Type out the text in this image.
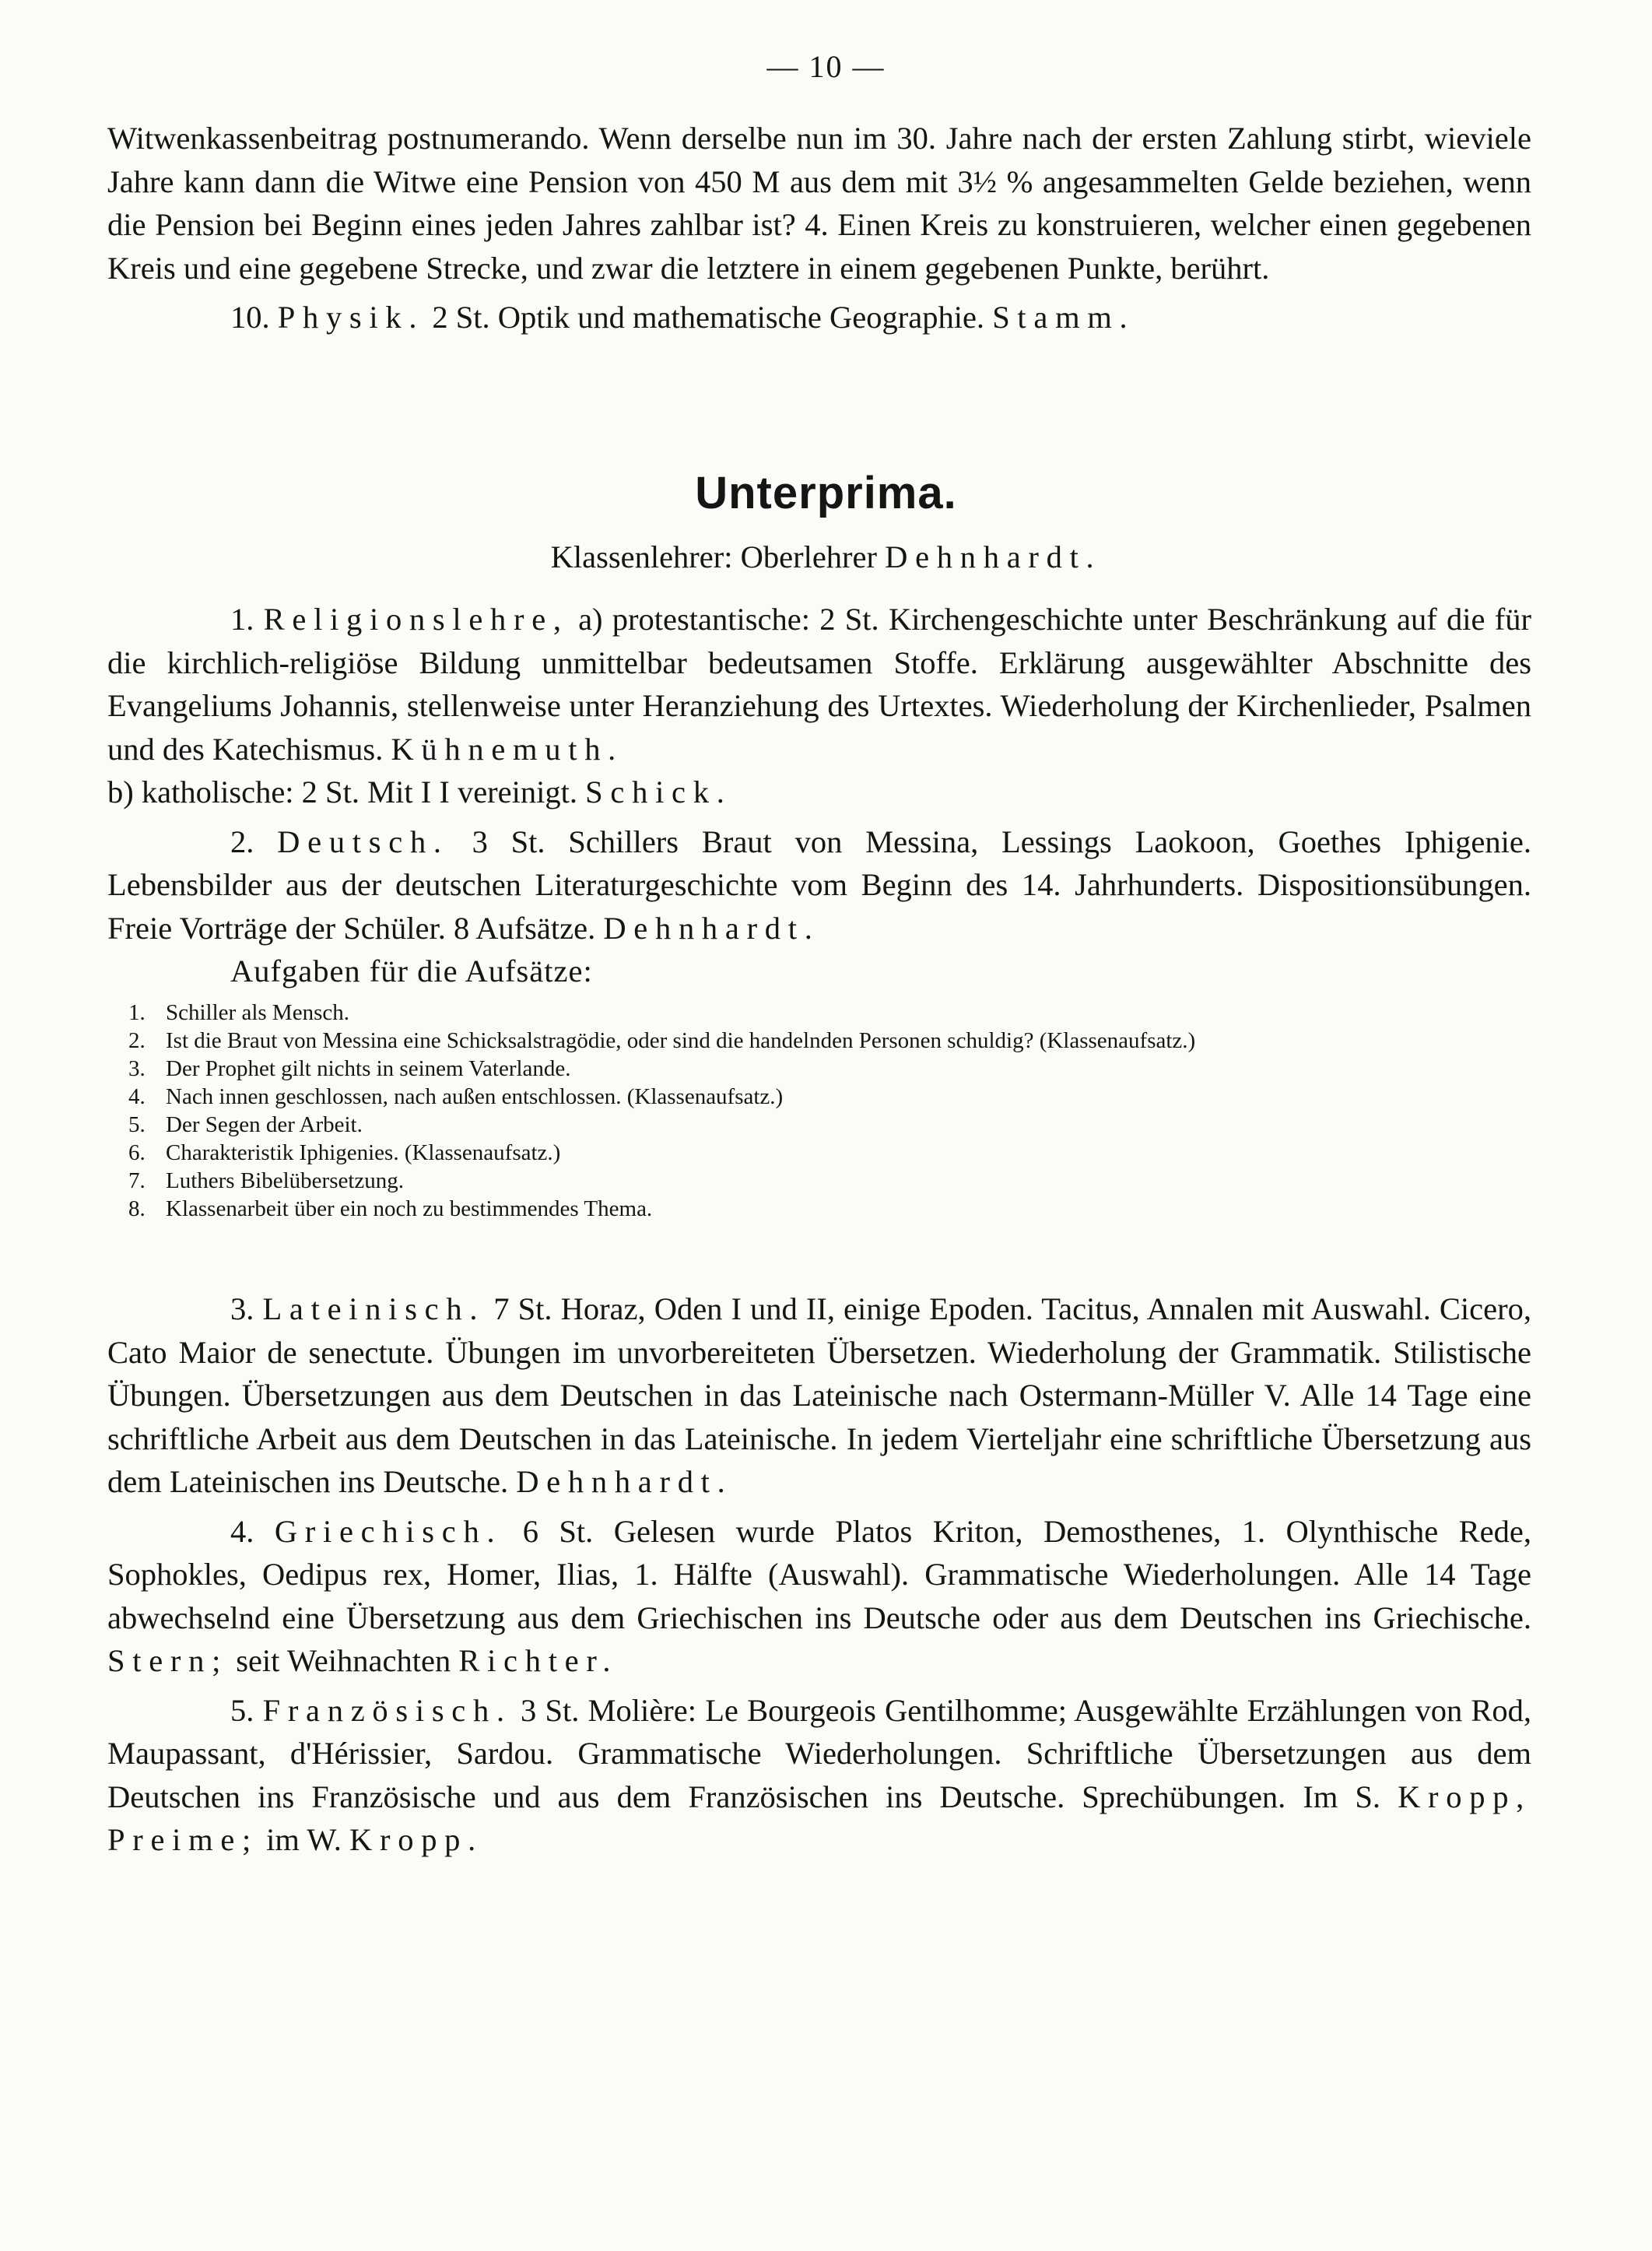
— 10 —

Witwenkassenbeitrag postnumerando. Wenn derselbe nun im 30. Jahre nach der ersten Zahlung stirbt, wieviele Jahre kann dann die Witwe eine Pension von 450 M aus dem mit 3½ % angesammelten Gelde beziehen, wenn die Pension bei Beginn eines jeden Jahres zahlbar ist? 4. Einen Kreis zu konstruieren, welcher einen gegebenen Kreis und eine gegebene Strecke, und zwar die letztere in einem gegebenen Punkte, berührt.

10. Physik. 2 St. Optik und mathematische Geographie. Stamm.

Unterprima.
Klassenlehrer: Oberlehrer Dehnhardt.

1. Religionslehre, a) protestantische: 2 St. Kirchengeschichte unter Beschränkung auf die für die kirchlich-religiöse Bildung unmittelbar bedeutsamen Stoffe. Erklärung ausgewählter Abschnitte des Evangeliums Johannis, stellenweise unter Heranziehung des Urtextes. Wiederholung der Kirchenlieder, Psalmen und des Katechismus. Kühnemuth.
b) katholische: 2 St. Mit I I vereinigt. Schick.

2. Deutsch. 3 St. Schillers Braut von Messina, Lessings Laokoon, Goethes Iphigenie. Lebensbilder aus der deutschen Literaturgeschichte vom Beginn des 14. Jahrhunderts. Dispositionsübungen. Freie Vorträge der Schüler. 8 Aufsätze. Dehnhardt.

Aufgaben für die Aufsätze:

1. Schiller als Mensch.
2. Ist die Braut von Messina eine Schicksalstragödie, oder sind die handelnden Personen schuldig? (Klassenaufsatz.)
3. Der Prophet gilt nichts in seinem Vaterlande.
4. Nach innen geschlossen, nach außen entschlossen. (Klassenaufsatz.)
5. Der Segen der Arbeit.
6. Charakteristik Iphigenies. (Klassenaufsatz.)
7. Luthers Bibelübersetzung.
8. Klassenarbeit über ein noch zu bestimmendes Thema.

3. Lateinisch. 7 St. Horaz, Oden I und II, einige Epoden. Tacitus, Annalen mit Auswahl. Cicero, Cato Maior de senectute. Übungen im unvorbereiteten Übersetzen. Wiederholung der Grammatik. Stilistische Übungen. Übersetzungen aus dem Deutschen in das Lateinische nach Ostermann-Müller V. Alle 14 Tage eine schriftliche Arbeit aus dem Deutschen in das Lateinische. In jedem Vierteljahr eine schriftliche Übersetzung aus dem Lateinischen ins Deutsche. Dehnhardt.

4. Griechisch. 6 St. Gelesen wurde Platos Kriton, Demosthenes, 1. Olynthische Rede, Sophokles, Oedipus rex, Homer, Ilias, 1. Hälfte (Auswahl). Grammatische Wiederholungen. Alle 14 Tage abwechselnd eine Übersetzung aus dem Griechischen ins Deutsche oder aus dem Deutschen ins Griechische. Stern; seit Weihnachten Richter.

5. Französisch. 3 St. Molière: Le Bourgeois Gentilhomme; Ausgewählte Erzählungen von Rod, Maupassant, d'Hérissier, Sardou. Grammatische Wiederholungen. Schriftliche Übersetzungen aus dem Deutschen ins Französische und aus dem Französischen ins Deutsche. Sprechübungen. Im S. Kropp, Preime; im W. Kropp.
